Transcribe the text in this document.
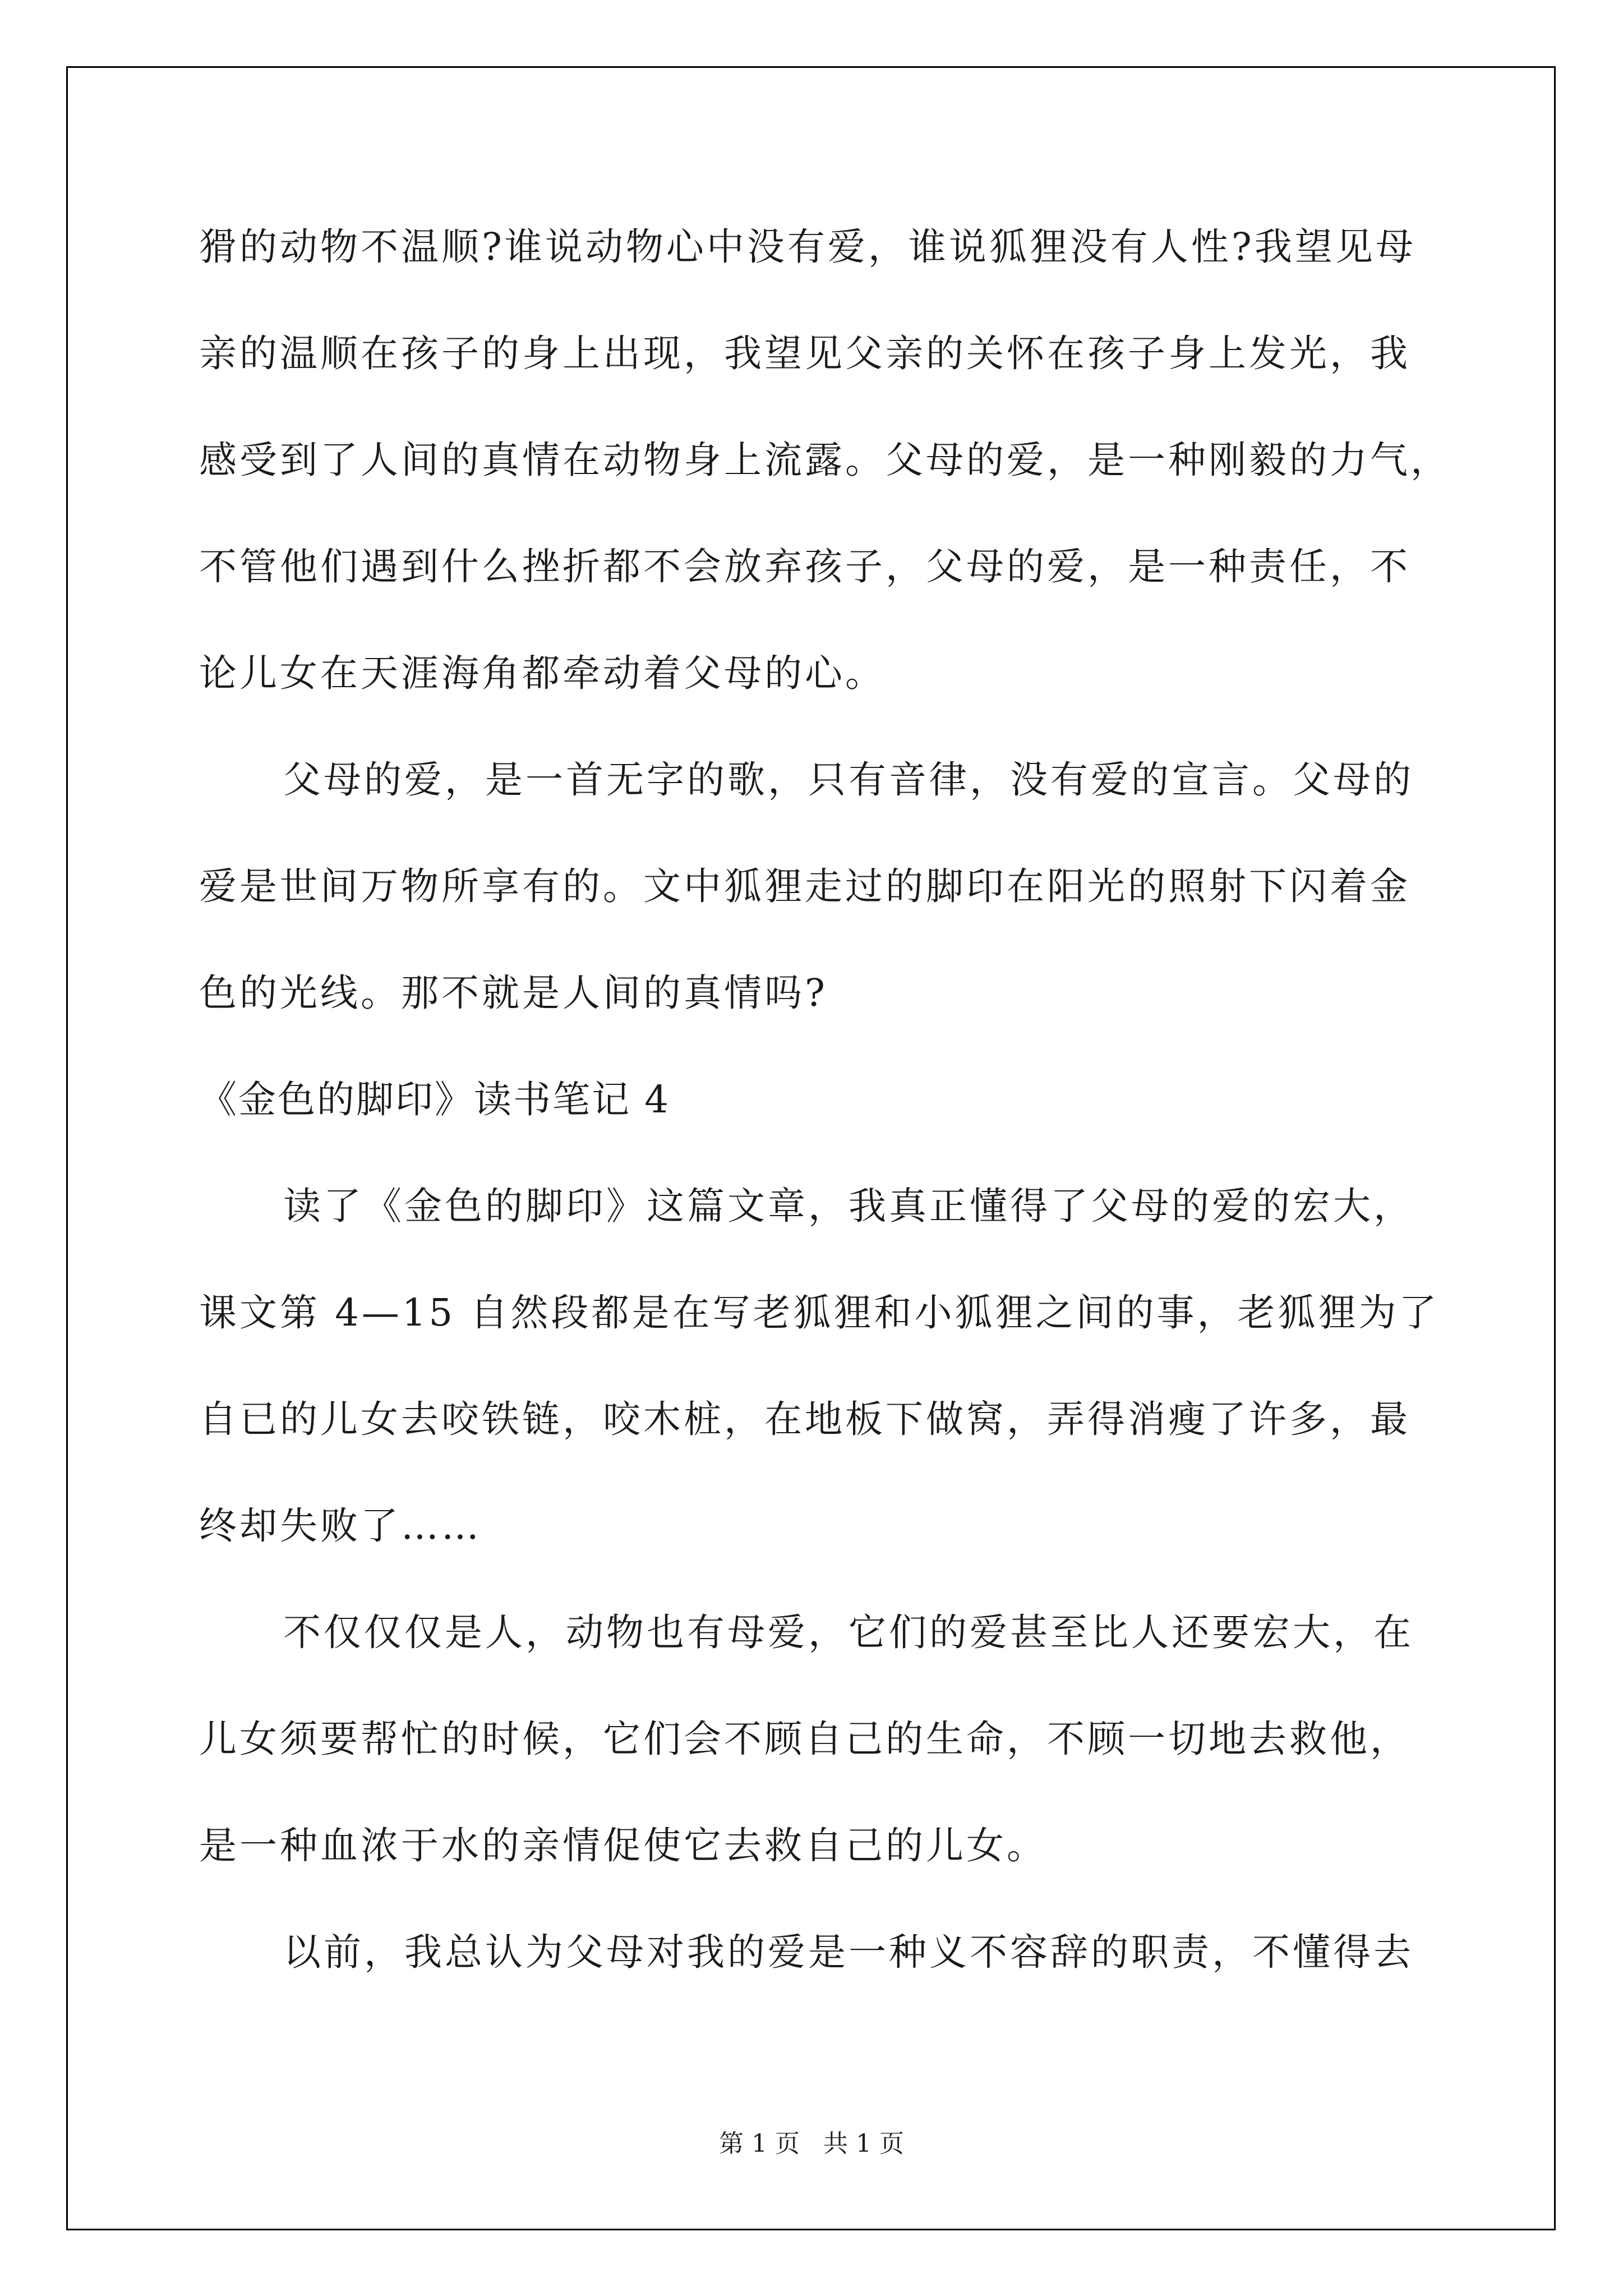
猾的动物不温顺?谁说动物心中没有爱，谁说狐狸没有人性?我望见母
亲的温顺在孩子的身上出现，我望见父亲的关怀在孩子身上发光，我
感受到了人间的真情在动物身上流露。父母的爱，是一种刚毅的力气，
不管他们遇到什么挫折都不会放弃孩子，父母的爱，是一种责任，不
论儿女在天涯海角都牵动着父母的心。
父母的爱，是一首无字的歌，只有音律，没有爱的宣言。父母的
爱是世间万物所享有的。文中狐狸走过的脚印在阳光的照射下闪着金
色的光线。那不就是人间的真情吗?
《金色的脚印》读书笔记 4
读了《金色的脚印》这篇文章，我真正懂得了父母的爱的宏大，
课文第 4—15 自然段都是在写老狐狸和小狐狸之间的事，老狐狸为了
自已的儿女去咬铁链，咬木桩，在地板下做窝，弄得消瘦了许多，最
终却失败了……
不仅仅仅是人，动物也有母爱，它们的爱甚至比人还要宏大，在
儿女须要帮忙的时候，它们会不顾自己的生命，不顾一切地去救他，
是一种血浓于水的亲情促使它去救自己的儿女。
以前，我总认为父母对我的爱是一种义不容辞的职责，不懂得去
第 1 页   共 1 页
